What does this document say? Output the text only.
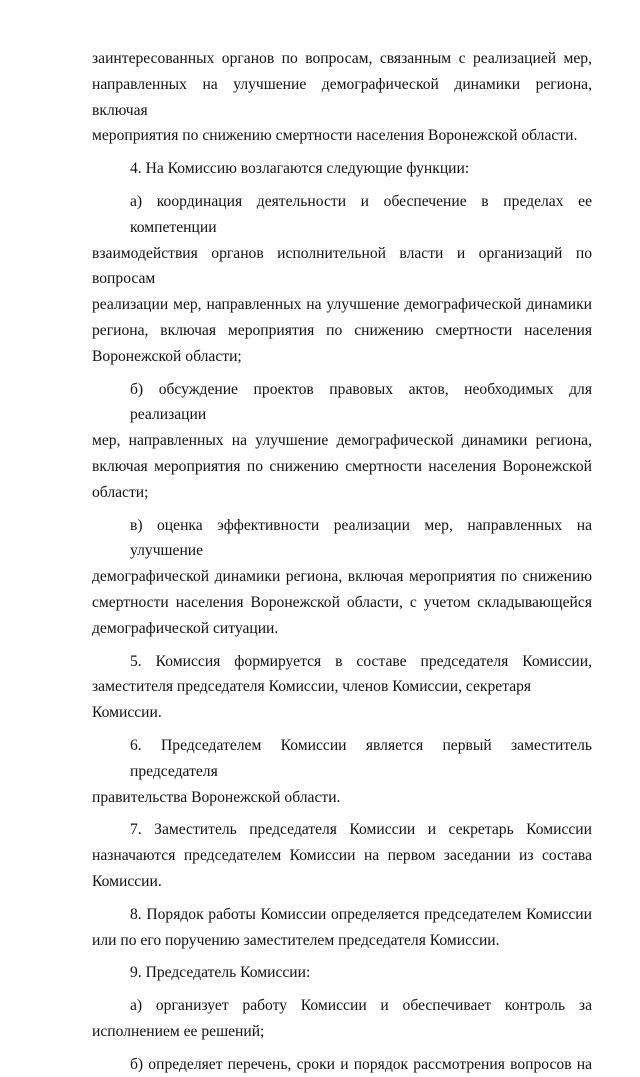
заинтересованных органов по вопросам, связанным с реализацией мер,
направленных на улучшение демографической динамики региона, включая
мероприятия по снижению смертности населения Воронежской области.
4. На Комиссию возлагаются следующие функции:
а) координация деятельности и обеспечение в пределах ее компетенции
взаимодействия органов исполнительной власти и организаций по вопросам
реализации мер, направленных на улучшение демографической динамики
региона, включая мероприятия по снижению смертности населения
Воронежской области;
б) обсуждение проектов правовых актов, необходимых для реализации
мер, направленных на улучшение демографической динамики региона,
включая мероприятия по снижению смертности населения Воронежской
области;
в) оценка эффективности реализации мер, направленных на улучшение
демографической динамики региона, включая мероприятия по снижению
смертности населения Воронежской области, с учетом складывающейся
демографической ситуации.
5. Комиссия формируется в составе председателя Комиссии,
заместителя председателя Комиссии, членов Комиссии, секретаря Комиссии.
6. Председателем Комиссии является первый заместитель председателя
правительства Воронежской области.
7. Заместитель председателя Комиссии и секретарь Комиссии
назначаются председателем Комиссии на первом заседании из состава
Комиссии.
8. Порядок работы Комиссии определяется председателем Комиссии
или по его поручению заместителем председателя Комиссии.
9. Председатель Комиссии:
а) организует работу Комиссии и обеспечивает контроль за
исполнением ее решений;
б) определяет перечень, сроки и порядок рассмотрения вопросов на
